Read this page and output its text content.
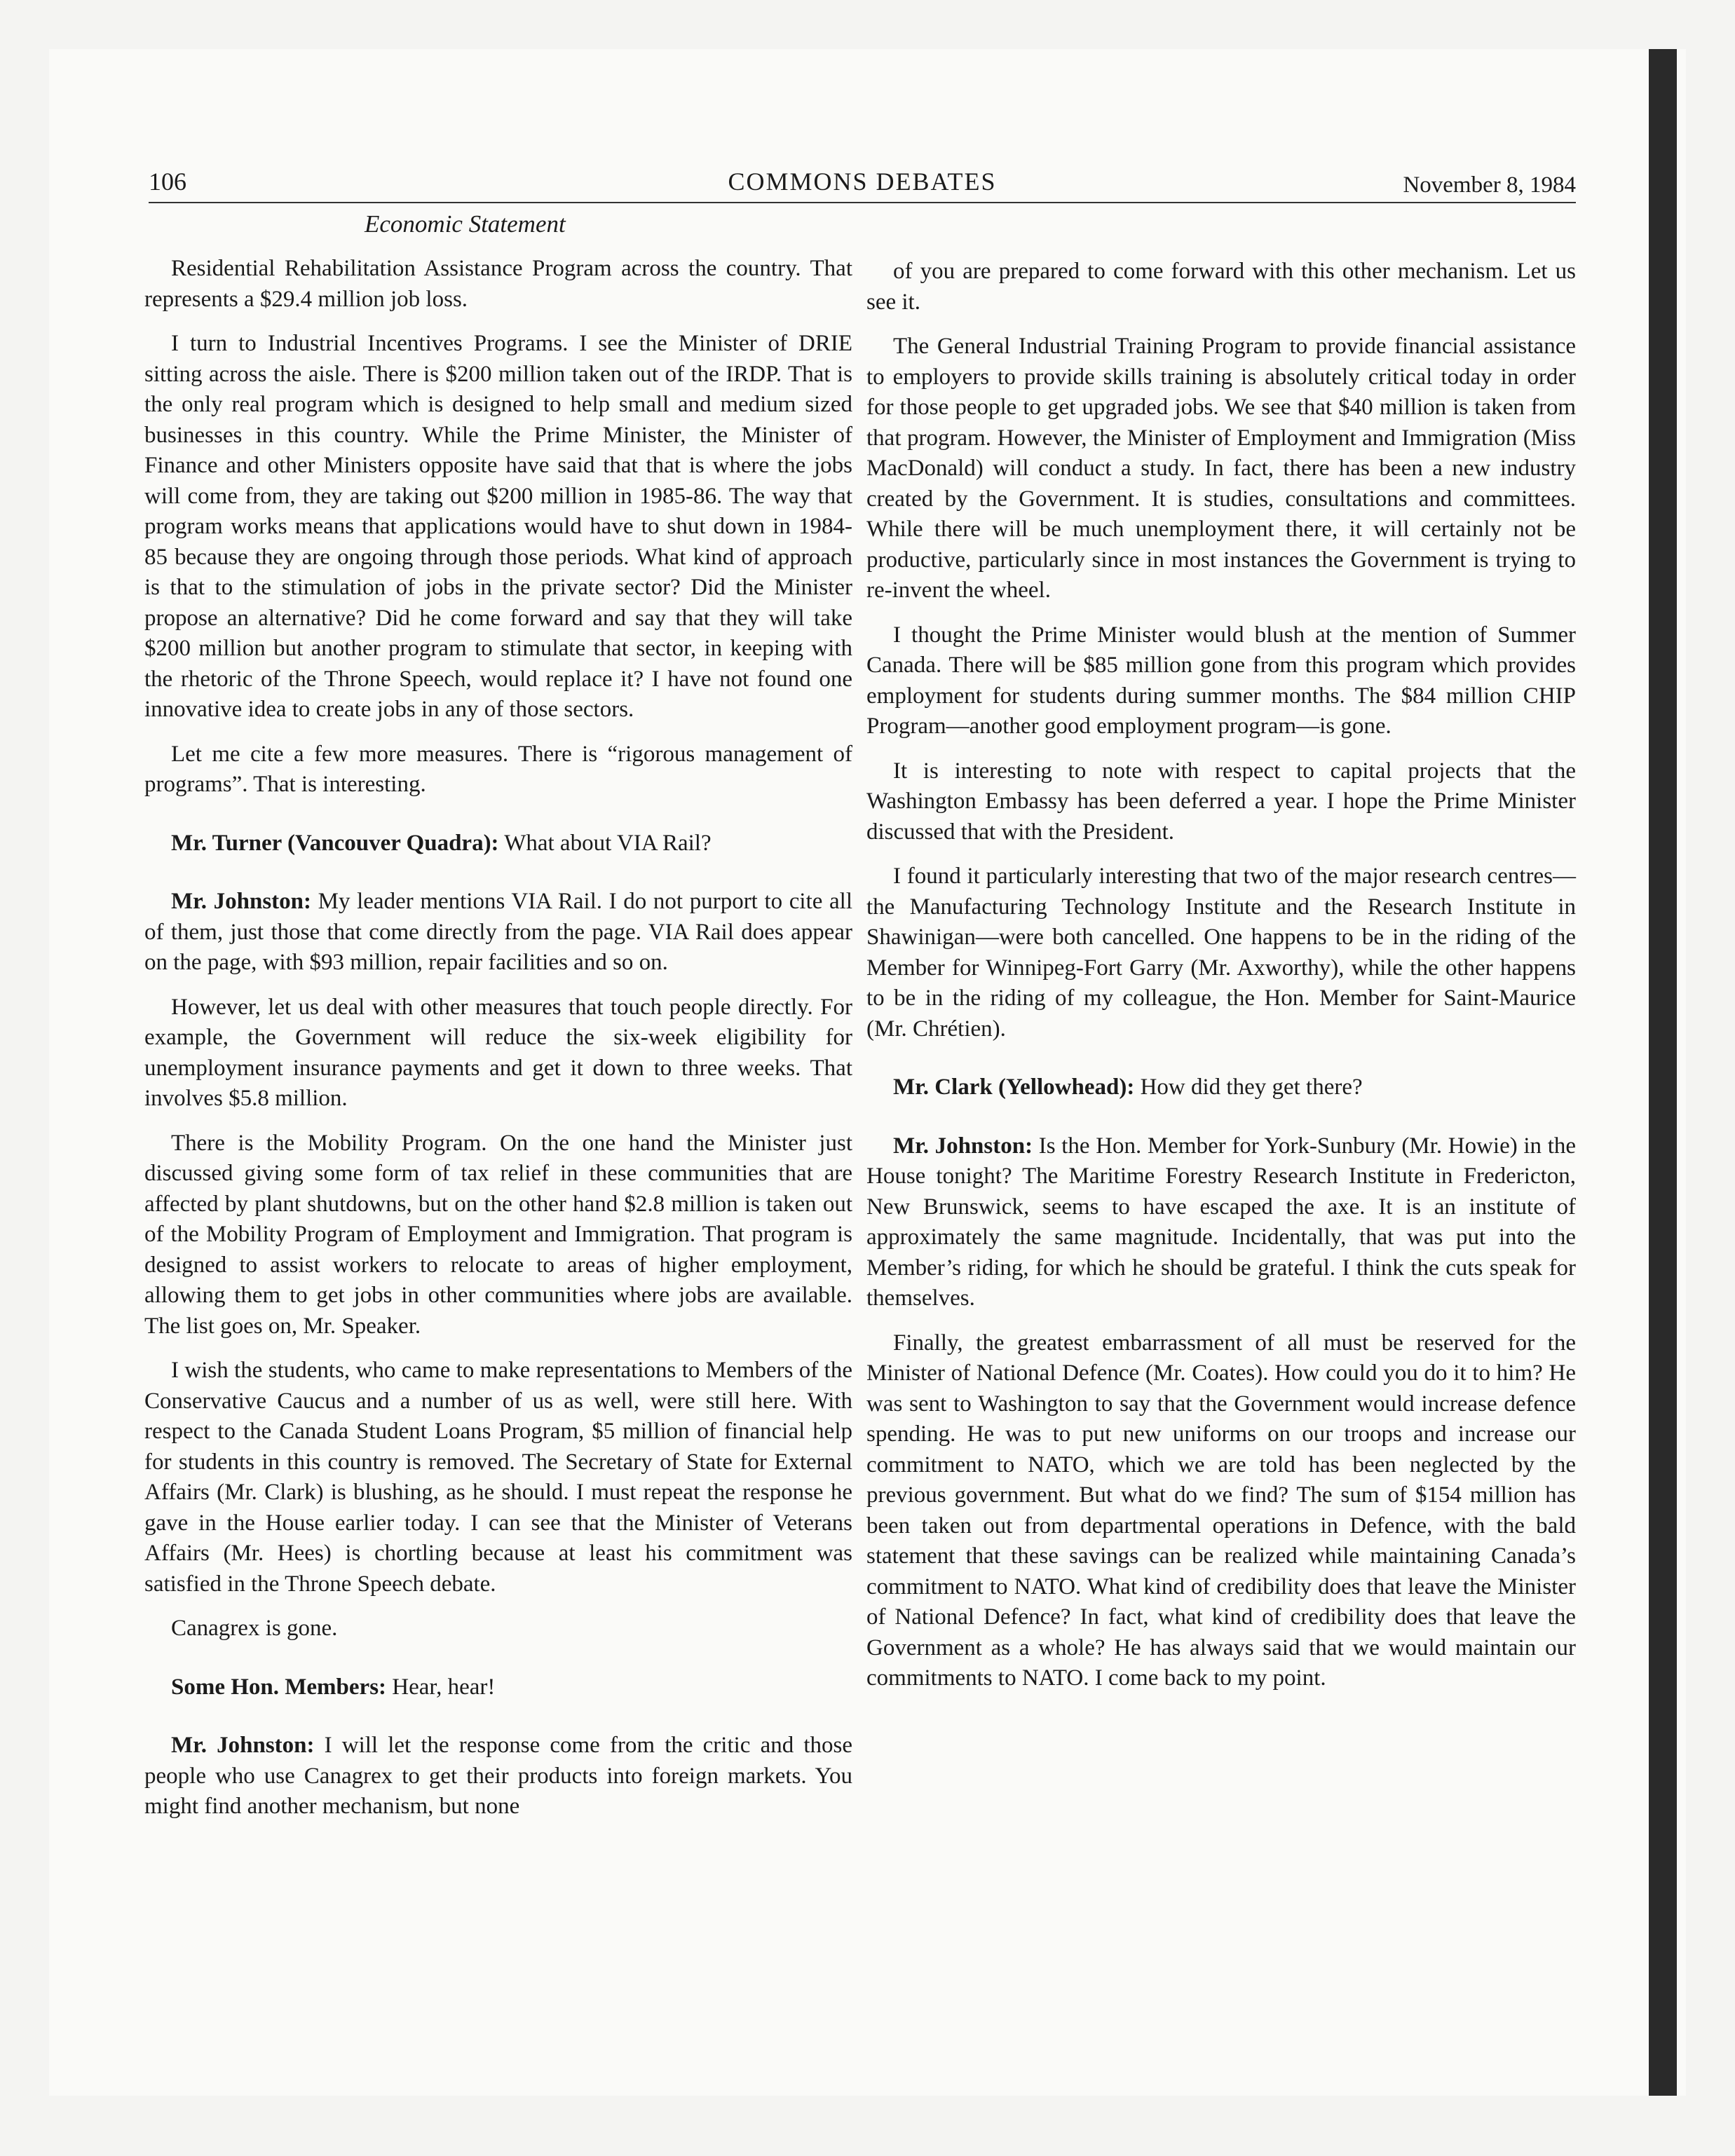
106	COMMONS DEBATES	November 8, 1984
Economic Statement

Residential Rehabilitation Assistance Program across the country. That represents a $29.4 million job loss.

I turn to Industrial Incentives Programs. I see the Minister of DRIE sitting across the aisle. There is $200 million taken out of the IRDP. That is the only real program which is designed to help small and medium sized businesses in this country. While the Prime Minister, the Minister of Finance and other Ministers opposite have said that that is where the jobs will come from, they are taking out $200 million in 1985-86. The way that program works means that applications would have to shut down in 1984-85 because they are ongoing through those periods. What kind of approach is that to the stimulation of jobs in the private sector? Did the Minister propose an alternative? Did he come forward and say that they will take $200 million but another program to stimulate that sector, in keeping with the rhetoric of the Throne Speech, would replace it? I have not found one innovative idea to create jobs in any of those sectors.

Let me cite a few more measures. There is “rigorous management of programs”. That is interesting.

Mr. Turner (Vancouver Quadra): What about VIA Rail?

Mr. Johnston: My leader mentions VIA Rail. I do not purport to cite all of them, just those that come directly from the page. VIA Rail does appear on the page, with $93 million, repair facilities and so on.

However, let us deal with other measures that touch people directly. For example, the Government will reduce the six-week eligibility for unemployment insurance payments and get it down to three weeks. That involves $5.8 million.

There is the Mobility Program. On the one hand the Minister just discussed giving some form of tax relief in these communities that are affected by plant shutdowns, but on the other hand $2.8 million is taken out of the Mobility Program of Employment and Immigration. That program is designed to assist workers to relocate to areas of higher employment, allowing them to get jobs in other communities where jobs are available. The list goes on, Mr. Speaker.

I wish the students, who came to make representations to Members of the Conservative Caucus and a number of us as well, were still here. With respect to the Canada Student Loans Program, $5 million of financial help for students in this country is removed. The Secretary of State for External Affairs (Mr. Clark) is blushing, as he should. I must repeat the response he gave in the House earlier today. I can see that the Minister of Veterans Affairs (Mr. Hees) is chortling because at least his commitment was satisfied in the Throne Speech debate.

Canagrex is gone.

Some Hon. Members: Hear, hear!

Mr. Johnston: I will let the response come from the critic and those people who use Canagrex to get their products into foreign markets. You might find another mechanism, but none

of you are prepared to come forward with this other mechanism. Let us see it.

The General Industrial Training Program to provide financial assistance to employers to provide skills training is absolutely critical today in order for those people to get upgraded jobs. We see that $40 million is taken from that program. However, the Minister of Employment and Immigration (Miss MacDonald) will conduct a study. In fact, there has been a new industry created by the Government. It is studies, consultations and committees. While there will be much unemployment there, it will certainly not be productive, particularly since in most instances the Government is trying to re-invent the wheel.

I thought the Prime Minister would blush at the mention of Summer Canada. There will be $85 million gone from this program which provides employment for students during summer months. The $84 million CHIP Program—another good employment program—is gone.

It is interesting to note with respect to capital projects that the Washington Embassy has been deferred a year. I hope the Prime Minister discussed that with the President.

I found it particularly interesting that two of the major research centres—the Manufacturing Technology Institute and the Research Institute in Shawinigan—were both cancelled. One happens to be in the riding of the Member for Winnipeg-Fort Garry (Mr. Axworthy), while the other happens to be in the riding of my colleague, the Hon. Member for Saint-Maurice (Mr. Chrétien).

Mr. Clark (Yellowhead): How did they get there?

Mr. Johnston: Is the Hon. Member for York-Sunbury (Mr. Howie) in the House tonight? The Maritime Forestry Research Institute in Fredericton, New Brunswick, seems to have escaped the axe. It is an institute of approximately the same magnitude. Incidentally, that was put into the Member’s riding, for which he should be grateful. I think the cuts speak for themselves.

Finally, the greatest embarrassment of all must be reserved for the Minister of National Defence (Mr. Coates). How could you do it to him? He was sent to Washington to say that the Government would increase defence spending. He was to put new uniforms on our troops and increase our commitment to NATO, which we are told has been neglected by the previous government. But what do we find? The sum of $154 million has been taken out from departmental operations in Defence, with the bald statement that these savings can be realized while maintaining Canada’s commitment to NATO. What kind of credibility does that leave the Minister of National Defence? In fact, what kind of credibility does that leave the Government as a whole? He has always said that we would maintain our commitments to NATO. I come back to my point.
